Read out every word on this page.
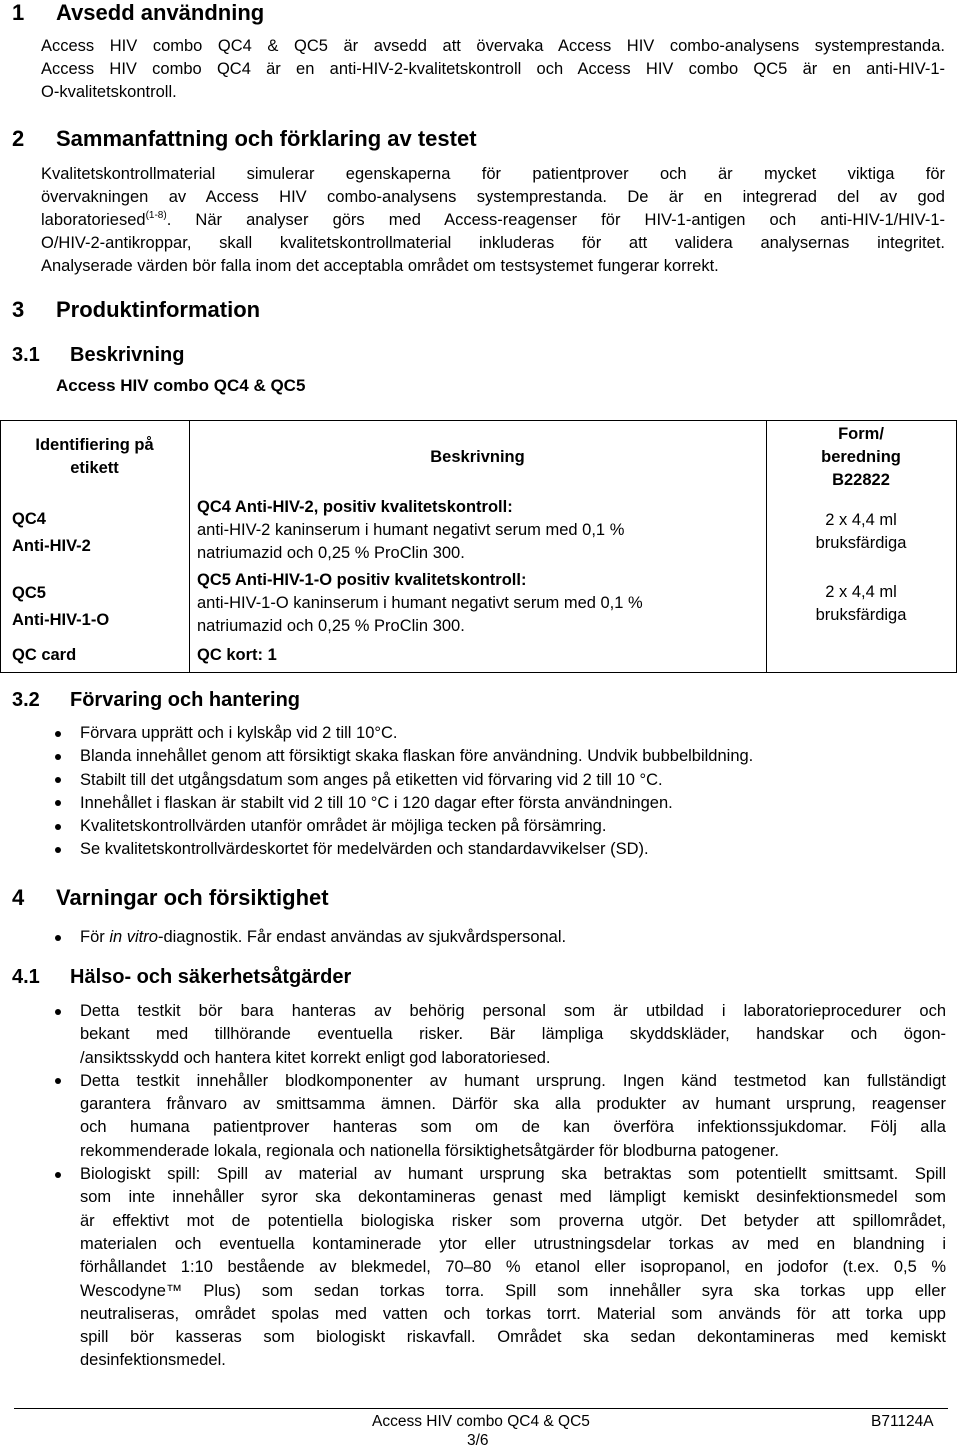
1 Avsedd användning
Access HIV combo QC4 & QC5 är avsedd att övervaka Access HIV combo-analysens systemprestanda.
Access HIV combo QC4 är en anti-HIV-2-kvalitetskontroll och Access HIV combo QC5 är en anti-HIV-1-
O-kvalitetskontroll.
2 Sammanfattning och förklaring av testet
Kvalitetskontrollmaterial simulerar egenskaperna för patientprover och är mycket viktiga för
övervakningen av Access HIV combo-analysens systemprestanda. De är en integrerad del av god
laboratoriesed$^{(1-8)}$. När analyser görs med Access-reagenser för HIV-1-antigen och anti-HIV-1/HIV-1-
O/HIV-2-antikroppar, skall kvalitetskontrollmaterial inkluderas för att validera analysernas integritet.
Analyserade värden bör falla inom det acceptabla området om testsystemet fungerar korrekt.
3 Produktinformation
3.1 Beskrivning
Access HIV combo QC4 & QC5
Identifiering på
etikett
Beskrivning
Form/
beredning
B22822
QC4
Anti-HIV-2
QC4 Anti-HIV-2, positiv kvalitetskontroll:
anti-HIV-2 kaninserum i humant negativt serum med 0,1 %
natriumazid och 0,25 % ProClin 300.
2 x 4,4 ml
bruksfärdiga
QC5
Anti-HIV-1-O
QC5 Anti-HIV-1-O positiv kvalitetskontroll:
anti-HIV-1-O kaninserum i humant negativt serum med 0,1 %
natriumazid och 0,25 % ProClin 300.
2 x 4,4 ml
bruksfärdiga
QC card	QC kort: 1
3.2 Förvaring och hantering
Förvara upprätt och i kylskåp vid 2 till 10°C.
Blanda innehållet genom att försiktigt skaka flaskan före användning. Undvik bubbelbildning.
Stabilt till det utgångsdatum som anges på etiketten vid förvaring vid 2 till 10 °C.
Innehållet i flaskan är stabilt vid 2 till 10 °C i 120 dagar efter första användningen.
Kvalitetskontrollvärden utanför området är möjliga tecken på försämring.
Se kvalitetskontrollvärdeskortet för medelvärden och standardavvikelser (SD).
4 Varningar och försiktighet
För in vitro-diagnostik. Får endast användas av sjukvårdspersonal.
4.1 Hälso- och säkerhetsåtgärder
Detta testkit bör bara hanteras av behörig personal som är utbildad i laboratorieprocedurer och
bekant med tillhörande eventuella risker. Bär lämpliga skyddskläder, handskar och ögon-
/ansiktsskydd och hantera kitet korrekt enligt god laboratoriesed.
Detta testkit innehåller blodkomponenter av humant ursprung. Ingen känd testmetod kan fullständigt
garantera frånvaro av smittsamma ämnen. Därför ska alla produkter av humant ursprung, reagenser
och humana patientprover hanteras som om de kan överföra infektionssjukdomar. Följ alla
rekommenderade lokala, regionala och nationella försiktighetsåtgärder för blodburna patogener.
Biologiskt spill: Spill av material av humant ursprung ska betraktas som potentiellt smittsamt. Spill
som inte innehåller syror ska dekontamineras genast med lämpligt kemiskt desinfektionsmedel som
är effektivt mot de potentiella biologiska risker som proverna utgör. Det betyder att spillområdet,
materialen och eventuella kontaminerade ytor eller utrustningsdelar torkas av med en blandning i
förhållandet 1:10 bestående av blekmedel, 70–80 % etanol eller isopropanol, en jodofor (t.ex. 0,5 %
Wescodyne™ Plus) som sedan torkas torra. Spill som innehåller syra ska torkas upp eller
neutraliseras, området spolas med vatten och torkas torrt. Material som används för att torka upp
spill bör kasseras som biologiskt riskavfall. Området ska sedan dekontamineras med kemiskt
desinfektionsmedel.
Access HIV combo QC4 & QC5	B71124A
3/6
